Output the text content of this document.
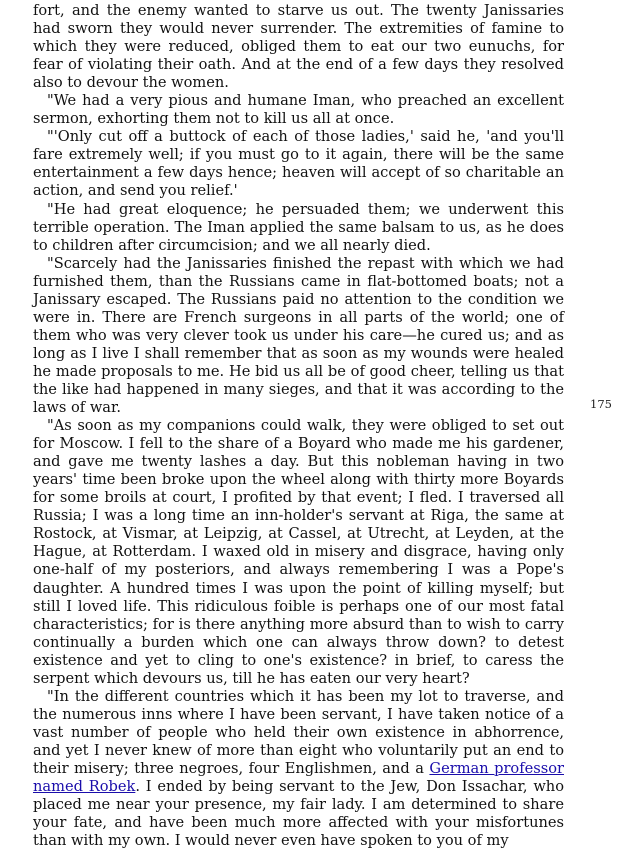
fort, and the enemy wanted to starve us out. The twenty Janissaries had sworn they would never surrender. The extremities of famine to which they were reduced, obliged them to eat our two eunuchs, for fear of violating their oath. And at the end of a few days they resolved also to devour the women.

"We had a very pious and humane Iman, who preached an excellent sermon, exhorting them not to kill us all at once.

"'Only cut off a buttock of each of those ladies,' said he, 'and you'll fare extremely well; if you must go to it again, there will be the same entertainment a few days hence; heaven will accept of so charitable an action, and send you relief.'

"He had great eloquence; he persuaded them; we underwent this terrible operation. The Iman applied the same balsam to us, as he does to children after circumcision; and we all nearly died.

"Scarcely had the Janissaries finished the repast with which we had furnished them, than the Russians came in flat-bottomed boats; not a Janissary escaped. The Russians paid no attention to the condition we were in. There are French surgeons in all parts of the world; one of them who was very clever took us under his care—he cured us; and as long as I live I shall remember that as soon as my wounds were healed he made proposals to me. He bid us all be of good cheer, telling us that the like had happened in many sieges, and that it was according to the laws of war.

"As soon as my companions could walk, they were obliged to set out for Moscow. I fell to the share of a Boyard who made me his gardener, and gave me twenty lashes a day. But this nobleman having in two years' time been broke upon the wheel along with thirty more Boyards for some broils at court, I profited by that event; I fled. I traversed all Russia; I was a long time an inn-holder's servant at Riga, the same at Rostock, at Vismar, at Leipzig, at Cassel, at Utrecht, at Leyden, at the Hague, at Rotterdam. I waxed old in misery and disgrace, having only one-half of my posteriors, and always remembering I was a Pope's daughter. A hundred times I was upon the point of killing myself; but still I loved life. This ridiculous foible is perhaps one of our most fatal characteristics; for is there anything more absurd than to wish to carry continually a burden which one can always throw down? to detest existence and yet to cling to one's existence? in brief, to caress the serpent which devours us, till he has eaten our very heart?

"In the different countries which it has been my lot to traverse, and the numerous inns where I have been servant, I have taken notice of a vast number of people who held their own existence in abhorrence, and yet I never knew of more than eight who voluntarily put an end to their misery; three negroes, four Englishmen, and a German professor named Robek. I ended by being servant to the Jew, Don Issachar, who placed me near your presence, my fair lady. I am determined to share your fate, and have been much more affected with your misfortunes than with my own. I would never even have spoken to you of my

175
